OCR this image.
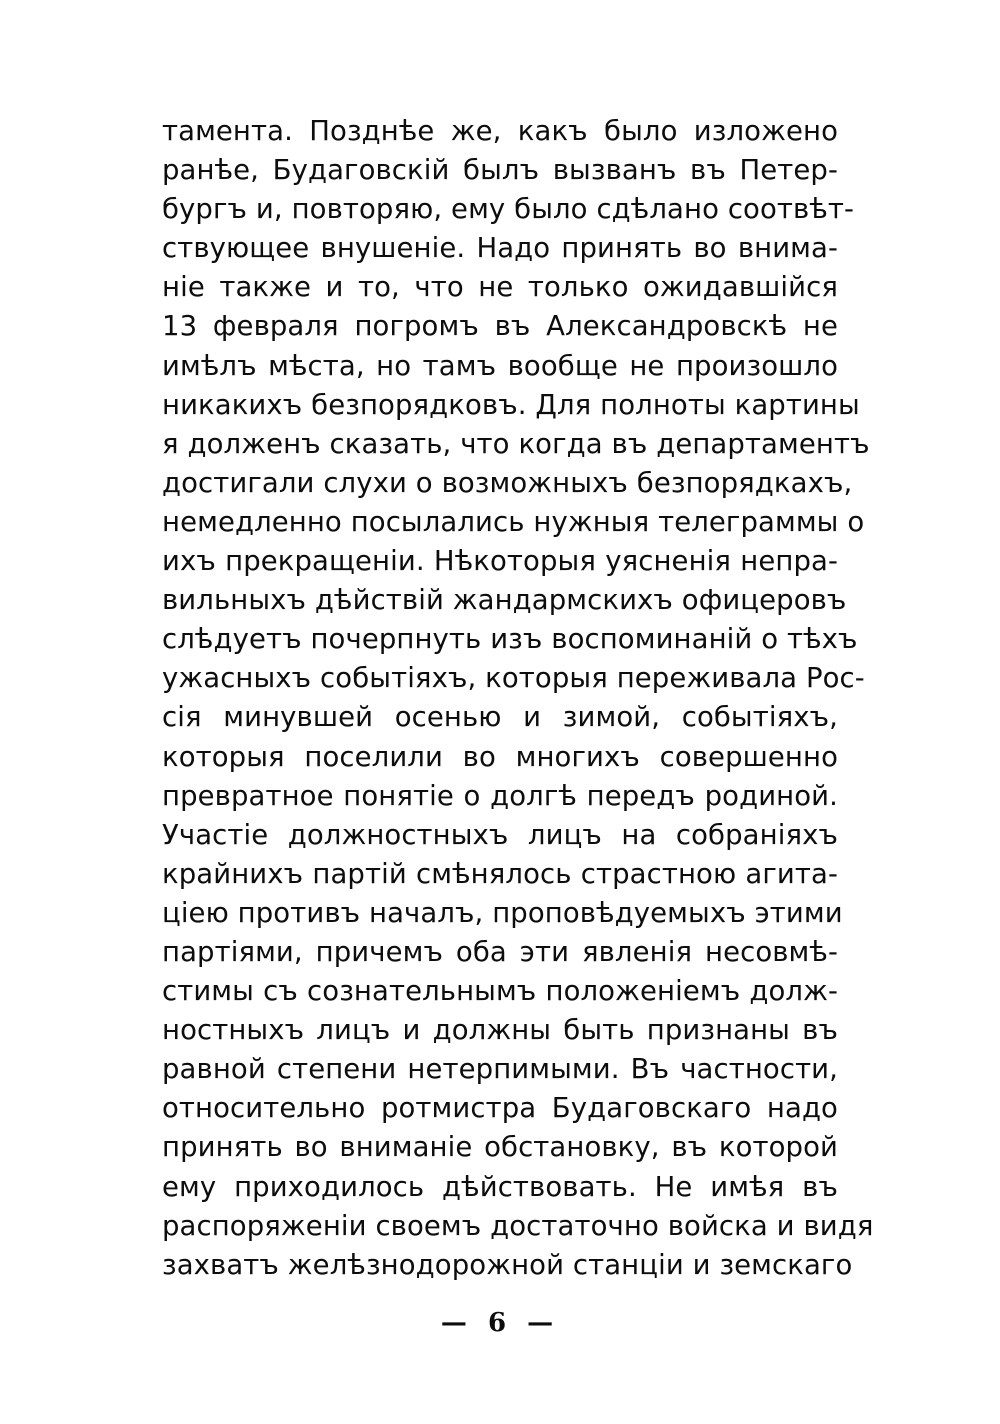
тамента. Позднѣе же, какъ было изложено
ранѣе, Будаговскій былъ вызванъ въ Петер-
бургъ и, повторяю, ему было сдѣлано соотвѣт-
ствующее внушеніе. Надо принять во внима-
ніе также и то, что не только ожидавшійся
13 февраля погромъ въ Александровскѣ не
имѣлъ мѣста, но тамъ вообще не произошло
никакихъ безпорядковъ. Для полноты картины
я долженъ сказать, что когда въ департаментъ
достигали слухи о возможныхъ безпорядкахъ,
немедленно посылались нужныя телеграммы о
ихъ прекращеніи. Нѣкоторыя уясненія непра-
вильныхъ дѣйствій жандармскихъ офицеровъ
слѣдуетъ почерпнуть изъ воспоминаній о тѣхъ
ужасныхъ событіяхъ, которыя переживала Рос-
сія минувшей осенью и зимой, событіяхъ,
которыя поселили во многихъ совершенно
превратное понятіе о долгѣ передъ родиной.
Участіе должностныхъ лицъ на собраніяхъ
крайнихъ партій смѣнялось страстною агита-
ціею противъ началъ, проповѣдуемыхъ этими
партіями, причемъ оба эти явленія несовмѣ-
стимы съ сознательнымъ положеніемъ долж-
ностныхъ лицъ и должны быть признаны въ
равной степени нетерпимыми. Въ частности,
относительно ротмистра Будаговскаго надо
принять во вниманіе обстановку, въ которой
ему приходилось дѣйствовать. Не имѣя въ
распоряженіи своемъ достаточно войска и видя
захватъ желѣзнодорожной станціи и земскаго
— 6 —
